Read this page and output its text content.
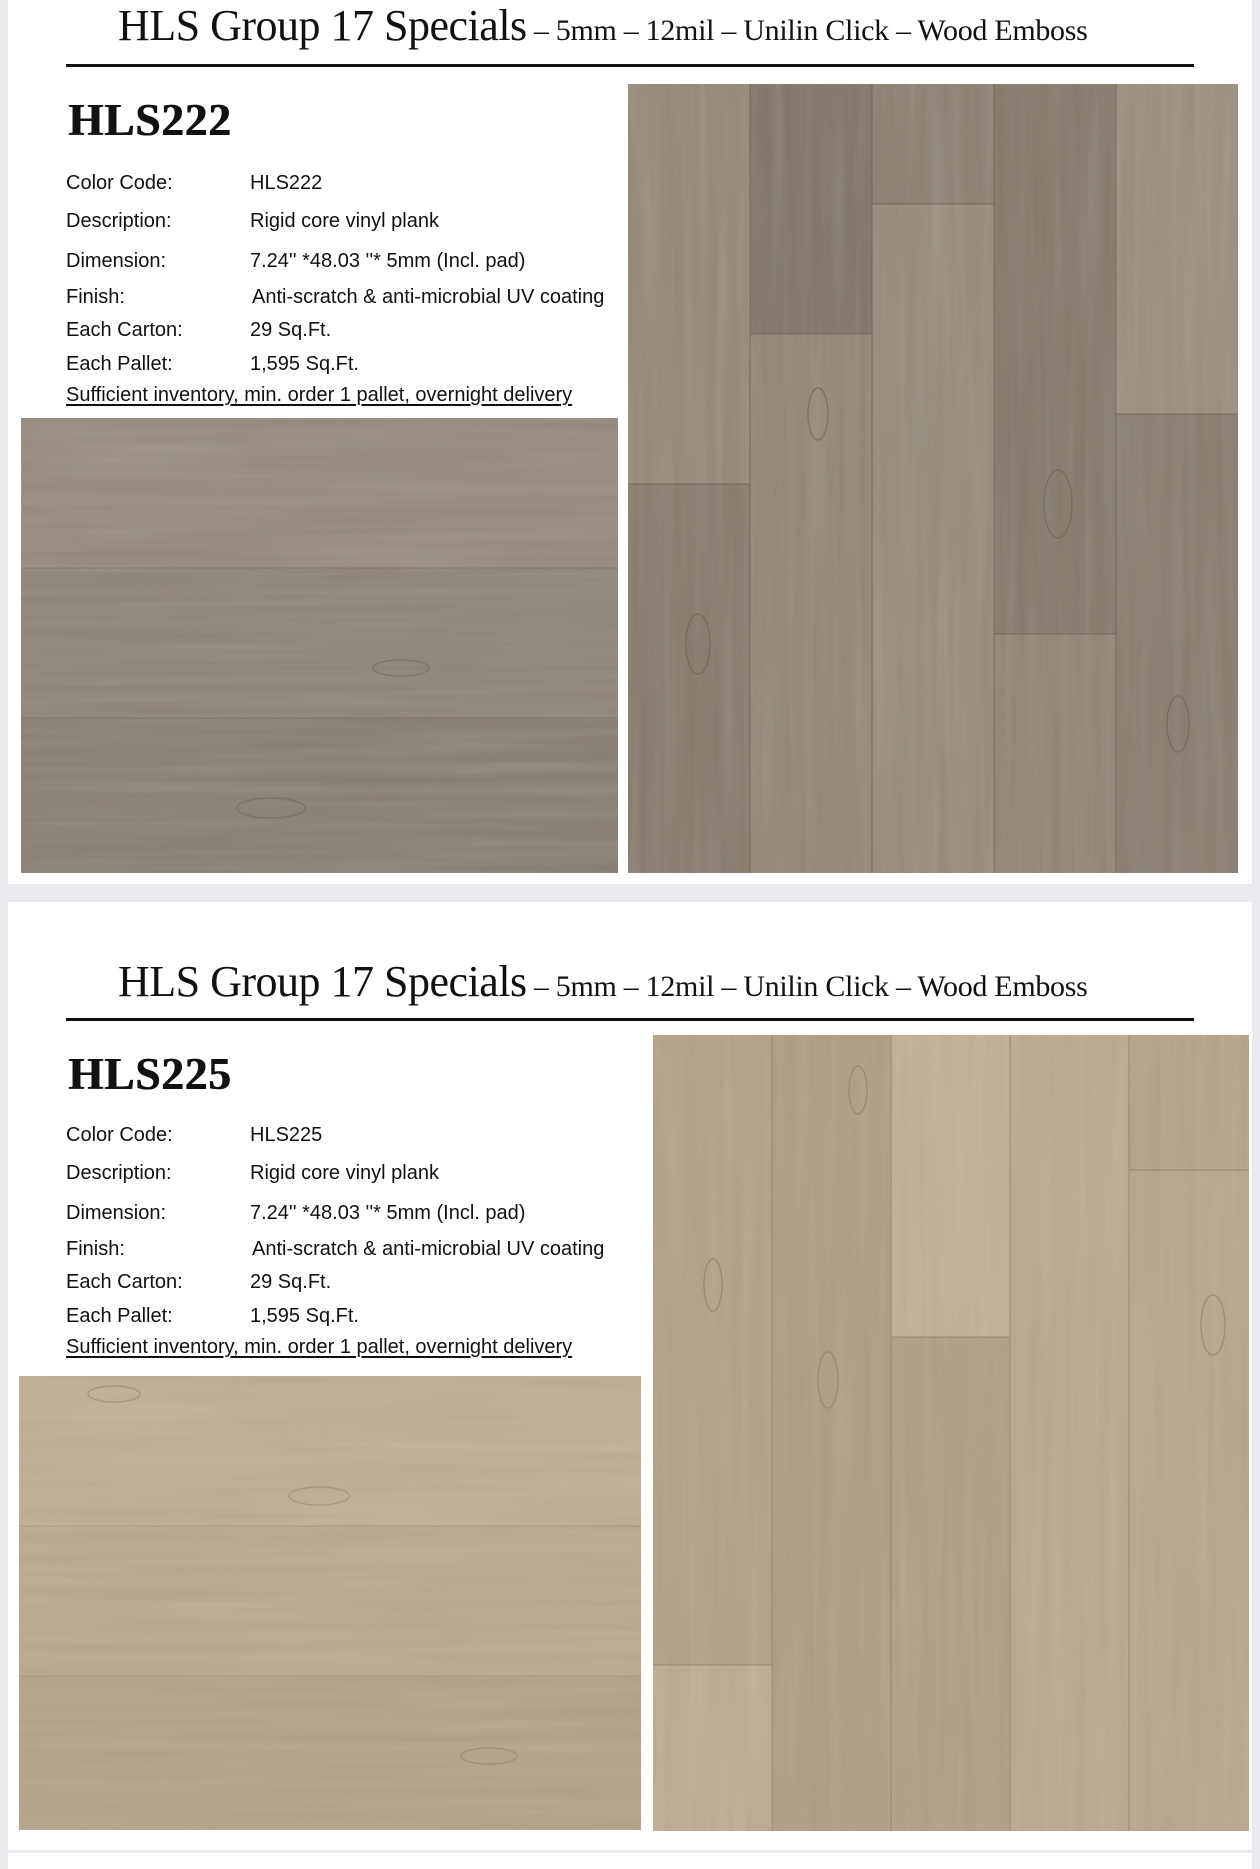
HLS Group 17 Specials – 5mm – 12mil – Unilin Click – Wood Emboss
HLS222
Color Code:	HLS222
Description:	Rigid core vinyl plank
Dimension:	7.24'' *48.03 ''* 5mm (Incl. pad)
Finish:	Anti-scratch & anti-microbial UV coating
Each Carton:	29 Sq.Ft.
Each Pallet:	1,595 Sq.Ft.
Sufficient inventory, min. order 1 pallet, overnight delivery
HLS Group 17 Specials – 5mm – 12mil – Unilin Click – Wood Emboss
HLS225
Color Code:	HLS225
Description:	Rigid core vinyl plank
Dimension:	7.24'' *48.03 ''* 5mm (Incl. pad)
Finish:	Anti-scratch & anti-microbial UV coating
Each Carton:	29 Sq.Ft.
Each Pallet:	1,595 Sq.Ft.
Sufficient inventory, min. order 1 pallet, overnight delivery
